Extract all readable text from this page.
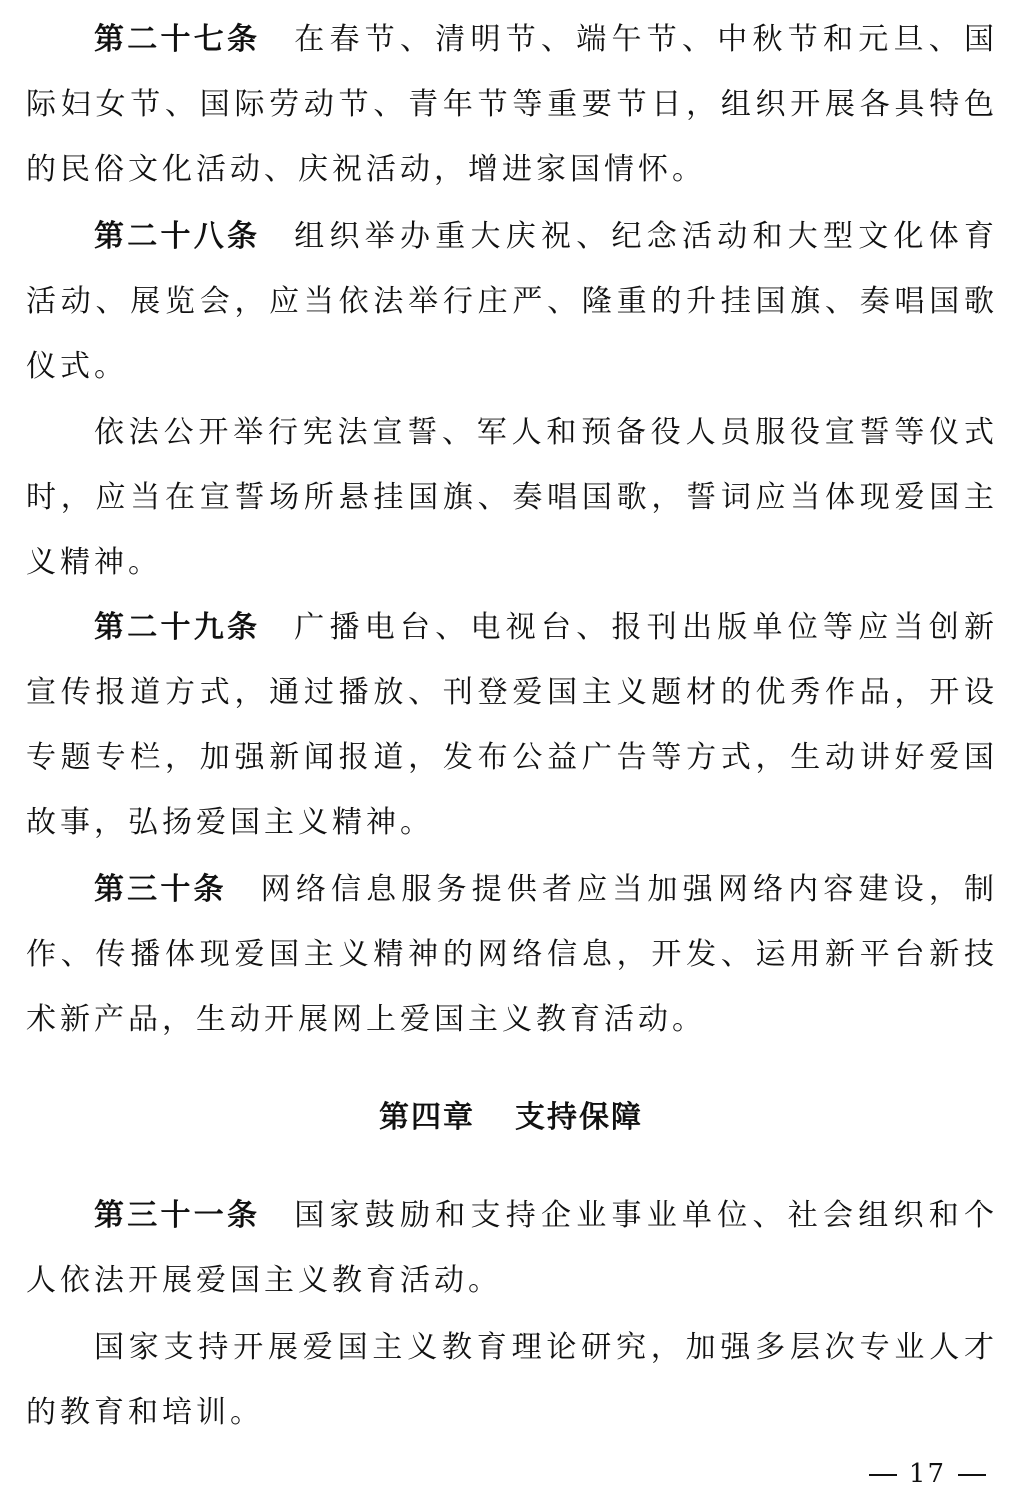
第二十七条 在春节、清明节、端午节、中秋节和元旦、国际妇女节、国际劳动节、青年节等重要节日，组织开展各具特色的民俗文化活动、庆祝活动，增进家国情怀。

第二十八条 组织举办重大庆祝、纪念活动和大型文化体育活动、展览会，应当依法举行庄严、隆重的升挂国旗、奏唱国歌仪式。

依法公开举行宪法宣誓、军人和预备役人员服役宣誓等仪式时，应当在宣誓场所悬挂国旗、奏唱国歌，誓词应当体现爱国主义精神。

第二十九条 广播电台、电视台、报刊出版单位等应当创新宣传报道方式，通过播放、刊登爱国主义题材的优秀作品，开设专题专栏，加强新闻报道，发布公益广告等方式，生动讲好爱国故事，弘扬爱国主义精神。

第三十条 网络信息服务提供者应当加强网络内容建设，制作、传播体现爱国主义精神的网络信息，开发、运用新平台新技术新产品，生动开展网上爱国主义教育活动。

第四章 支持保障

第三十一条 国家鼓励和支持企业事业单位、社会组织和个人依法开展爱国主义教育活动。

国家支持开展爱国主义教育理论研究，加强多层次专业人才的教育和培训。

17
